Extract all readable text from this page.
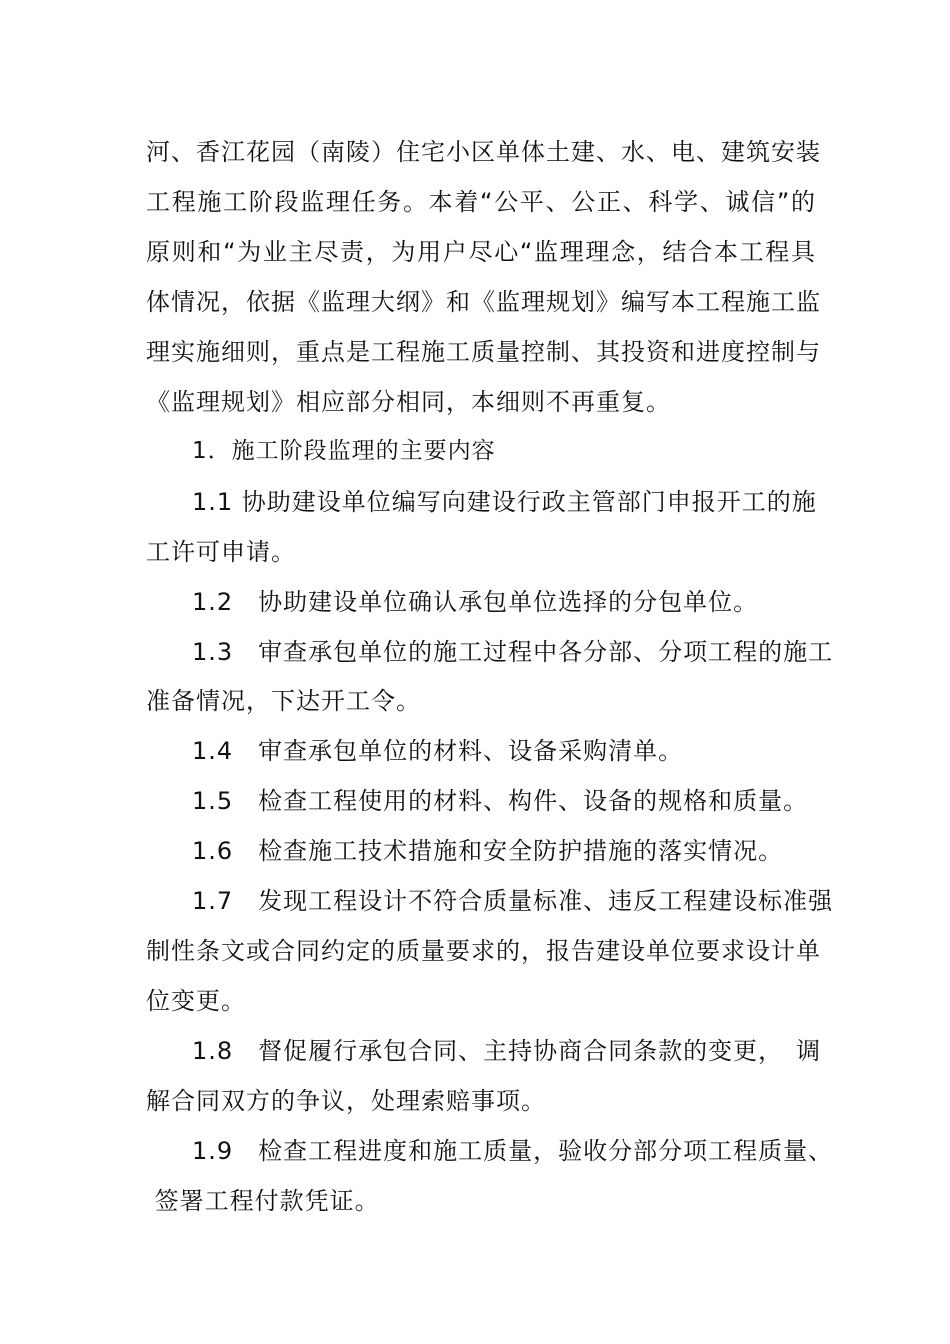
河、香江花园（南陵）住宅小区单体土建、水、电、建筑安装
工程施工阶段监理任务。本着“公平、公正、科学、诚信”的
原则和“为业主尽责，为用户尽心“监理理念，结合本工程具
体情况，依据《监理大纲》和《监理规划》编写本工程施工监
理实施细则，重点是工程施工质量控制、其投资和进度控制与
《监理规划》相应部分相同，本细则不再重复。
1．施工阶段监理的主要内容
1.1 协助建设单位编写向建设行政主管部门申报开工的施
工许可申请。
1.2　协助建设单位确认承包单位选择的分包单位。
1.3　审查承包单位的施工过程中各分部、分项工程的施工
准备情况，下达开工令。
1.4　审查承包单位的材料、设备采购清单。
1.5　检查工程使用的材料、构件、设备的规格和质量。
1.6　检查施工技术措施和安全防护措施的落实情况。
1.7　发现工程设计不符合质量标准、违反工程建设标准强
制性条文或合同约定的质量要求的，报告建设单位要求设计单
位变更。
1.8　督促履行承包合同、主持协商合同条款的变更，　调
解合同双方的争议，处理索赔事项。
1.9　检查工程进度和施工质量，验收分部分项工程质量、
签署工程付款凭证。
